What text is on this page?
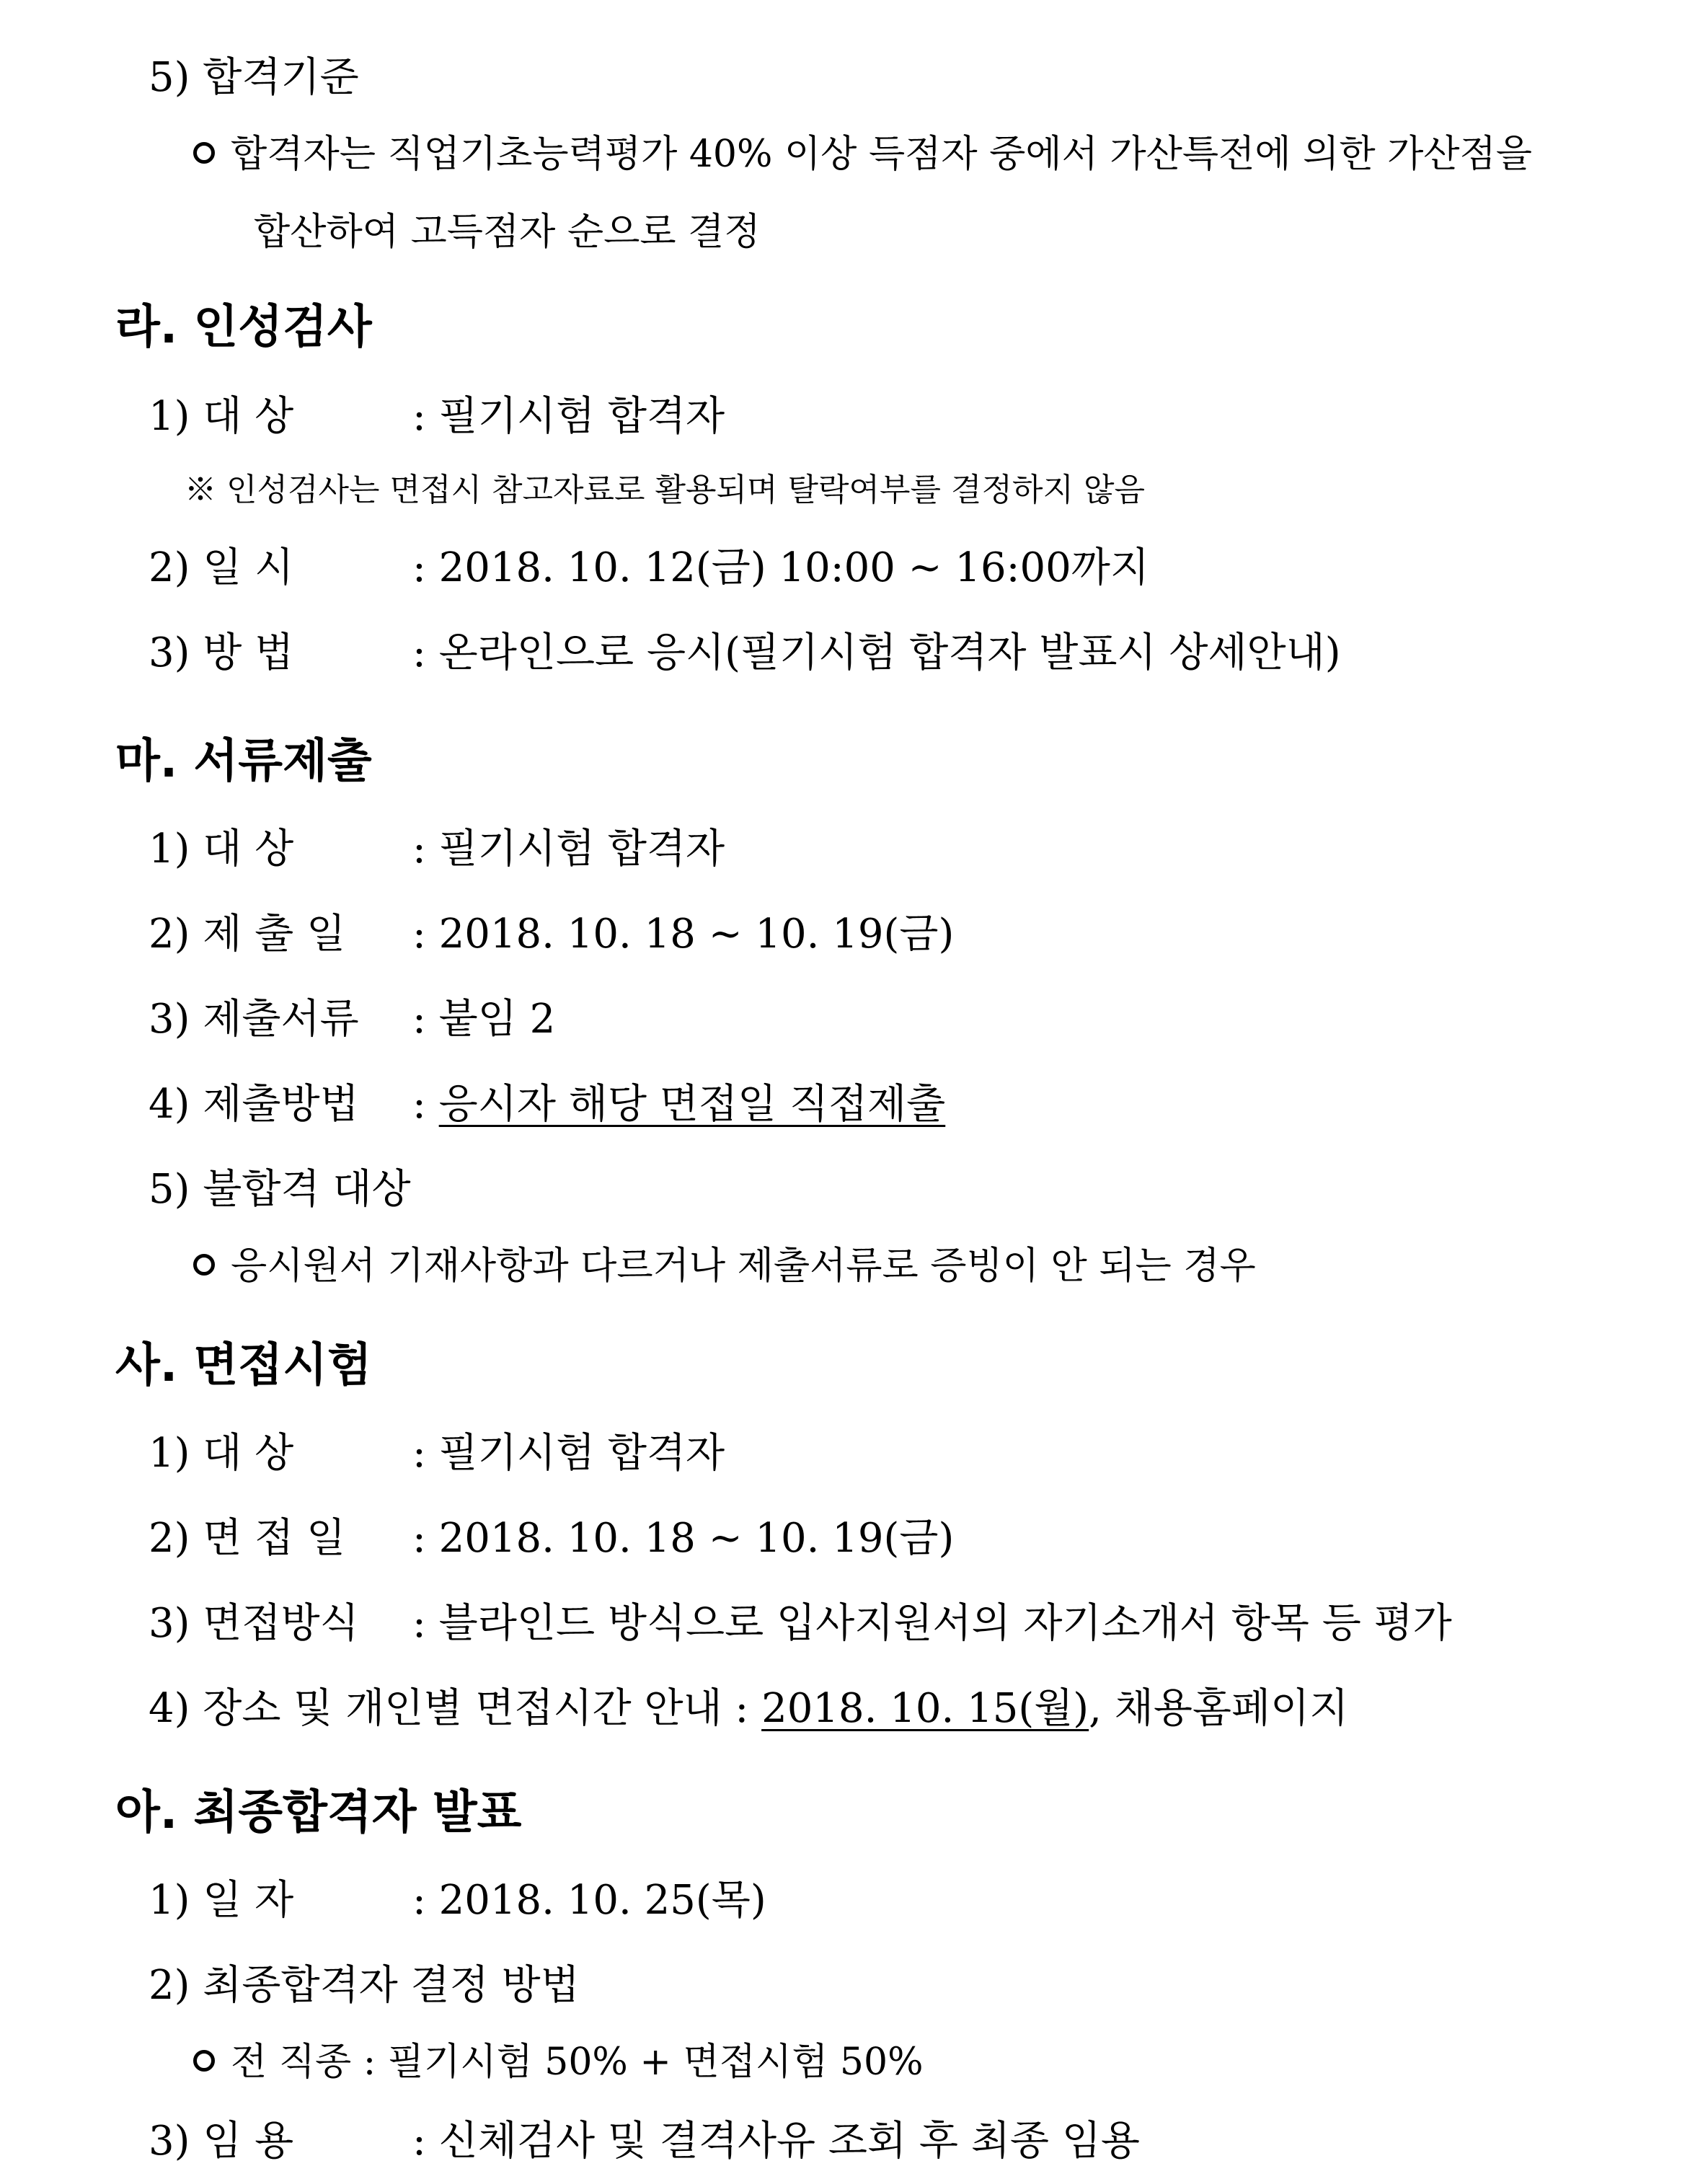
5) 합격기준
합격자는 직업기초능력평가 40% 이상 득점자 중에서 가산특전에 의한 가산점을
합산하여 고득점자 순으로 결정
라. 인성검사
1) 대 상	: 필기시험 합격자
※ 인성검사는 면접시 참고자료로 활용되며 탈락여부를 결정하지 않음
2) 일 시	: 2018. 10. 12(금) 10:00 ~ 16:00까지
3) 방 법	: 온라인으로 응시(필기시험 합격자 발표시 상세안내)
마. 서류제출
1) 대 상	: 필기시험 합격자
2) 제 출 일 : 2018. 10. 18 ~ 10. 19(금)
3) 제출서류 : 붙임 2
4) 제출방법 : 응시자 해당 면접일 직접제출
5) 불합격 대상
응시원서 기재사항과 다르거나 제출서류로 증빙이 안 되는 경우
사. 면접시험
1) 대 상	: 필기시험 합격자
2) 면 접 일 : 2018. 10. 18 ~ 10. 19(금)
3) 면접방식 : 블라인드 방식으로 입사지원서의 자기소개서 항목 등 평가
4) 장소 및 개인별 면접시간 안내 : 2018. 10. 15(월), 채용홈페이지
아. 최종합격자 발표
1) 일 자	: 2018. 10. 25(목)
2) 최종합격자 결정 방법
전 직종 : 필기시험 50% + 면접시험 50%
3) 임 용	: 신체검사 및 결격사유 조회 후 최종 임용
